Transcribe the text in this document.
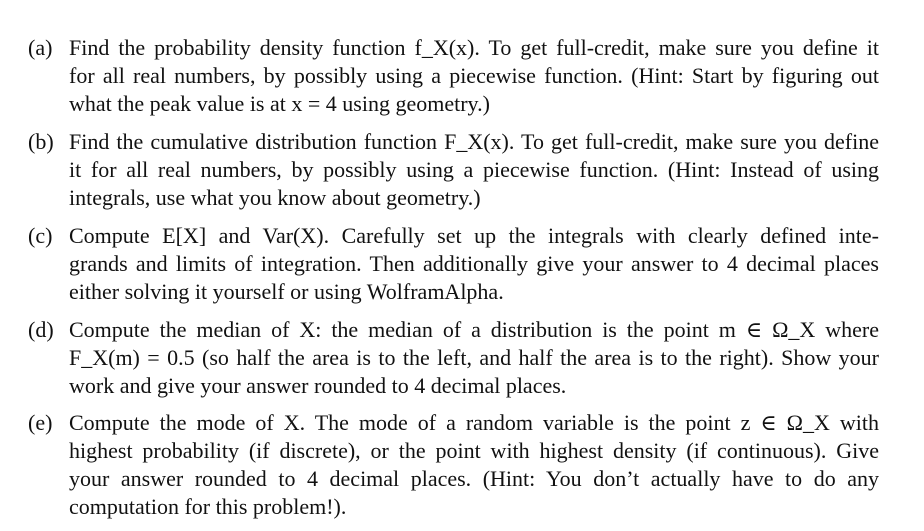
(a) Find the probability density function f_X(x). To get full-credit, make sure you define it
for all real numbers, by possibly using a piecewise function. (Hint: Start by figuring out
what the peak value is at x = 4 using geometry.)
(b) Find the cumulative distribution function F_X(x). To get full-credit, make sure you define
it for all real numbers, by possibly using a piecewise function. (Hint: Instead of using
integrals, use what you know about geometry.)
(c) Compute E[X] and Var(X). Carefully set up the integrals with clearly defined inte-
grands and limits of integration. Then additionally give your answer to 4 decimal places
either solving it yourself or using WolframAlpha.
(d) Compute the median of X: the median of a distribution is the point m ∈ Ω_X where
F_X(m) = 0.5 (so half the area is to the left, and half the area is to the right). Show your
work and give your answer rounded to 4 decimal places.
(e) Compute the mode of X. The mode of a random variable is the point z ∈ Ω_X with
highest probability (if discrete), or the point with highest density (if continuous). Give
your answer rounded to 4 decimal places. (Hint: You don’t actually have to do any
computation for this problem!).
